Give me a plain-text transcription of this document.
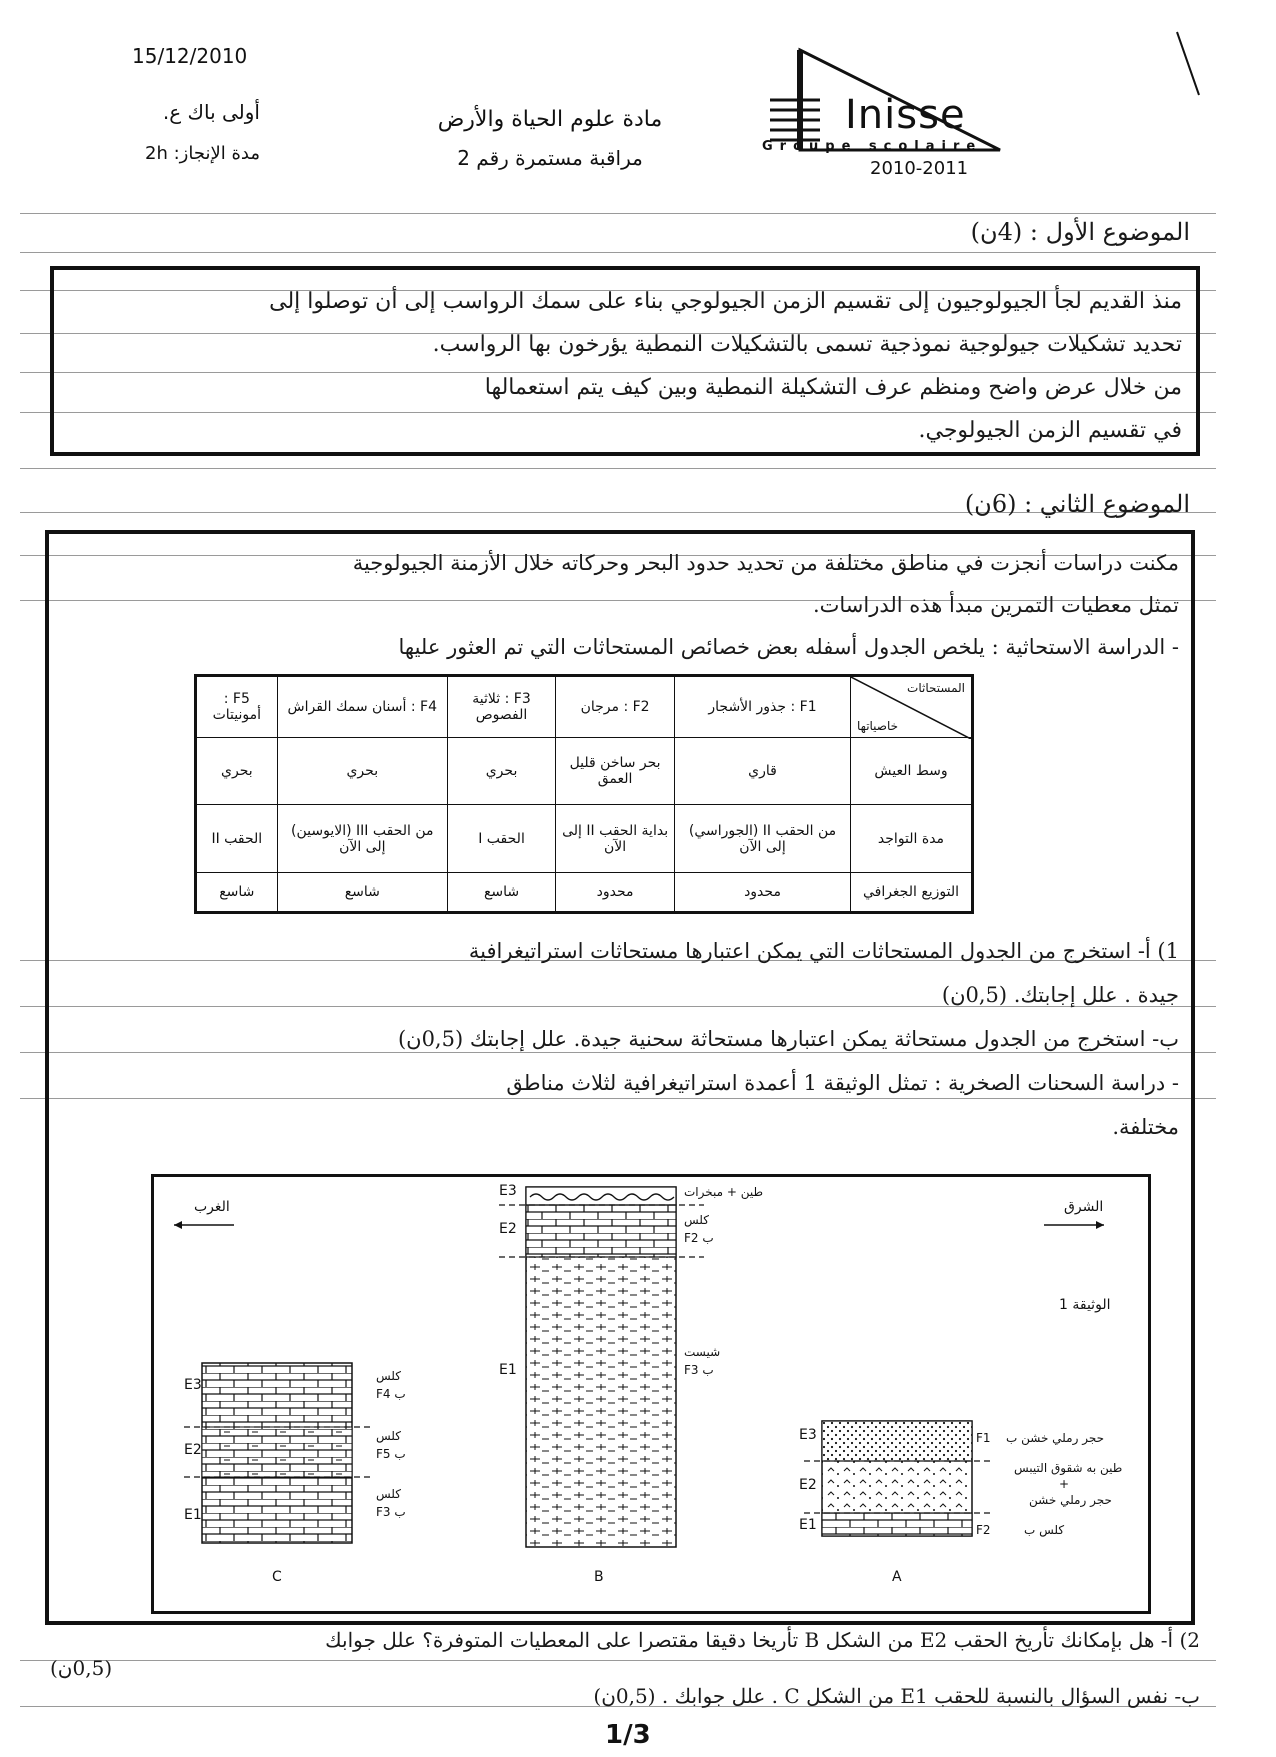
15/12/2010
أولى باك ع.
مدة الإنجاز: 2h
مادة علوم الحياة والأرض
مراقبة مستمرة رقم 2
Inisse
Groupe scolaire
2010-2011
الموضوع الأول : (4ن)
منذ القديم لجأ الجيولوجيون إلى تقسيم الزمن الجيولوجي بناء على سمك الرواسب إلى أن توصلوا إلى
تحديد تشكيلات جيولوجية نموذجية تسمى بالتشكيلات النمطية يؤرخون بها الرواسب.
من خلال عرض واضح ومنظم عرف التشكيلة النمطية وبين كيف يتم استعمالها
في تقسيم الزمن الجيولوجي.
الموضوع الثاني : (6ن)
مكنت دراسات أنجزت في مناطق مختلفة من تحديد حدود البحر وحركاته خلال الأزمنة الجيولوجية
تمثل معطيات التمرين مبدأ هذه الدراسات.
- الدراسة الاستحاثية : يلخص الجدول أسفله بعض خصائص المستحاثات التي تم العثور عليها
المستحاثات
خاصياتها	F1 : جذور الأشجار	F2 : مرجان	F3 : ثلاثية الفصوص	F4 : أسنان سمك القراش	F5 : أمونيتات
وسط العيش	قاري	بحر ساخن قليل العمق	بحري	بحري	بحري
مدة التواجد	من الحقب II (الجوراسي) إلى الآن	بداية الحقب II إلى الآن	الحقب I	من الحقب III (الايوسين) إلى الآن	الحقب II
التوزيع الجغرافي	محدود	محدود	شاسع	شاسع	شاسع
1) أ- استخرج من الجدول المستحاثات التي يمكن اعتبارها مستحاثات استراتيغرافية
جيدة . علل إجابتك. (0,5ن)
ب- استخرج من الجدول مستحاثة يمكن اعتبارها مستحاثة سحنية جيدة. علل إجابتك (0,5ن)
- دراسة السحنات الصخرية : تمثل الوثيقة 1 أعمدة استراتيغرافية لثلاث مناطق
مختلفة.
الغرب	الشرق
الوثيقة 1
E3
E2
E1
C
كلس
F4 ب
كلس
F5 ب
كلس
F3 ب
E3
E2
E1
B
طين + مبخرات
كلس
F2 ب
شيست
F3 ب
E3
E2
E1
A
F1 حجر رملي خشن ب
طين به شقوق التيبس
+
حجر رملي خشن
F2	كلس ب
2) أ- هل بإمكانك تأريخ الحقب E2 من الشكل B تأريخا دقيقا مقتصرا على المعطيات المتوفرة؟ علل جوابك
(0,5ن)
ب- نفس السؤال بالنسبة للحقب E1 من الشكل C . علل جوابك . (0,5ن)
1/3
